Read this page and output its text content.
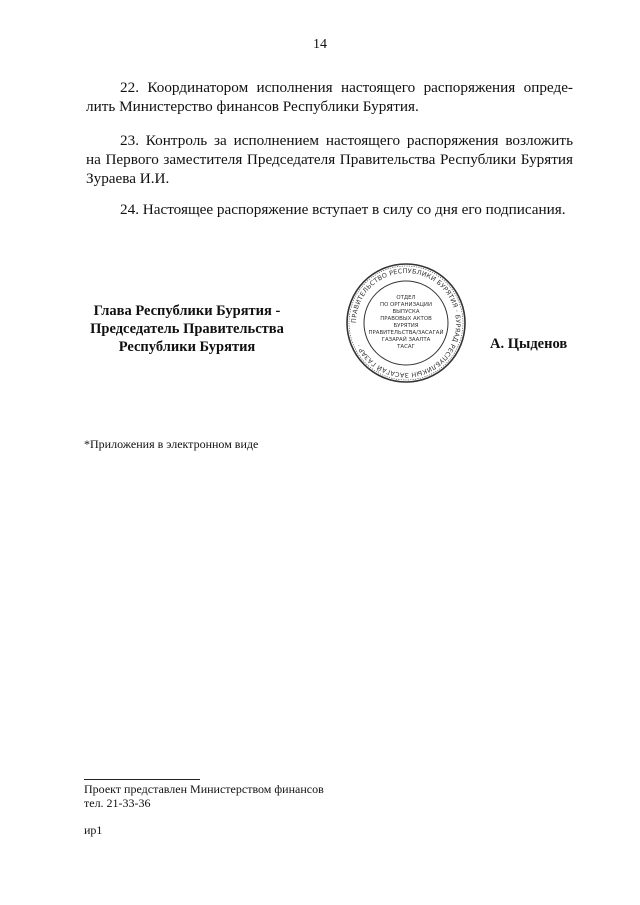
14
22. Координатором исполнения настоящего распоряжения опреде-
лить Министерство финансов Республики Бурятия.
23. Контроль за исполнением настоящего распоряжения возложить
на Первого заместителя Председателя Правительства Республики Бурятия
Зураева И.И.
24. Настоящее распоряжение вступает в силу со дня его подписания.
Глава Республики Бурятия -
Председатель Правительства
Республики Бурятия
ПРАВИТЕЛЬСТВО РЕСПУБЛИКИ БУРЯТИЯ · БУРЯАД РЕСПУБЛИКЫН ЗАСАГАЙ ГАЗАР ·
ОТДЕЛ
ПО ОРГАНИЗАЦИИ
ВЫПУСКА
ПРАВОВЫХ АКТОВ
БУРЯТИЯ
ПРАВИТЕЛЬСТВА/ЗАСАГАЙ
ГАЗАРАЙ ЗААЛТА
ТАСАГ	А. Цыденов
*Приложения в электронном виде
Проект представлен Министерством финансов
тел. 21-33-36
ир1
